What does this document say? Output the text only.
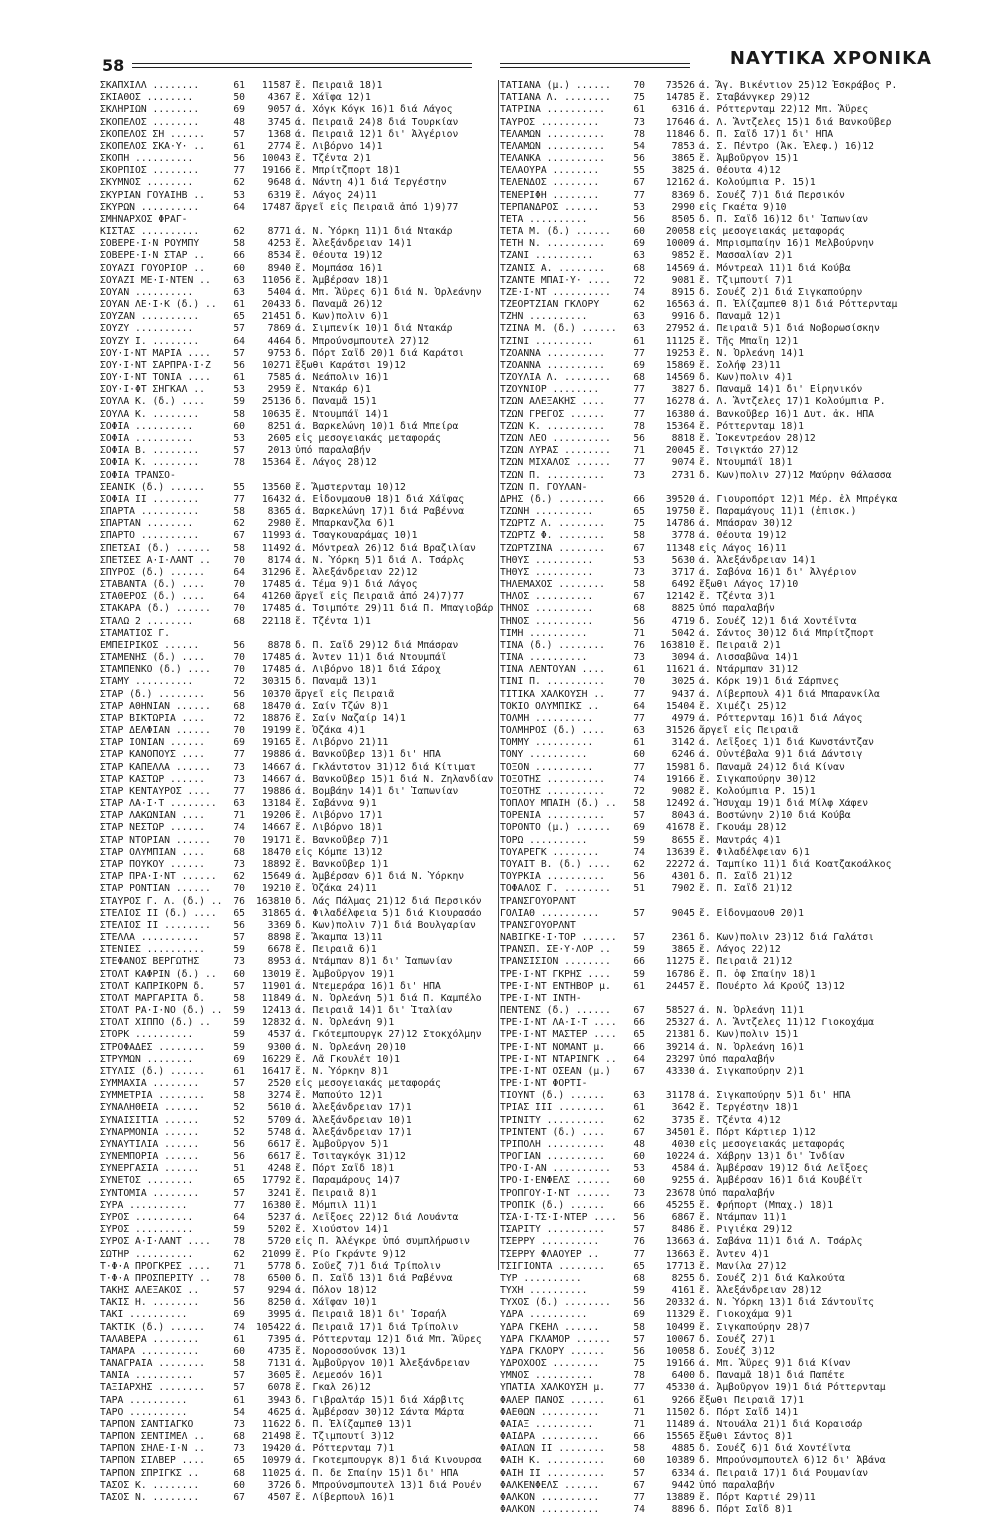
58	ΝΑΥΤΙΚΑ ΧΡΟΝΙΚΑ
ΣΚΑΠΧΙΛΛ ........	61	11587 ἔ. Πειραιᾶ 18)1
ΣΚΙΑΘΟΣ ........	50	4367 ἔ. Χάϊφα 12)1
ΣΚΛΗΡΙΩΝ ........	69	9057 ά. Χόγκ Κόγκ 16)1 διά Λάγος
ΣΚΟΠΕΛΟΣ ........	48	3745 ά. Πειραιᾶ 24)8 διά Τουρκίαν
ΣΚΟΠΕΛΟΣ ΣΗ ......	57	1368 ά. Πειραιᾶ 12)1 δι' Ἀλγέριον
ΣΚΟΠΕΛΟΣ ΣΚΑ·Υ· ..	61	2774 ἔ. Λιβόρνο 14)1
ΣΚΟΠΗ ..........	56	10043 ἔ. Τζέντα 2)1
ΣΚΟΡΠΙΟΣ ........	77	19166 ἔ. Μπρίτζπορτ 18)1
ΣΚΥΜΝΟΣ ........	62	9648 ά. Νάντη 4)1 διά Τεργέστην
ΣΚΥΡΙΑΝ ΓΟΥΑΙΗΒ ..	53	6319 ἔ. Λάγος 24)11
ΣΚΥΡΩΝ ..........	64	17487 ἄργεῖ εἰς Πειραιᾶ ἀπό 1)9)77
ΣΜΗΝΑΡΧΟΣ ΦΡΑΓ-
ΚΙΣΤΑΣ ..........	62	8771 ά. Ν. Ὑόρκη 11)1 διά Ντακάρ
ΣΟΒΕΡΕ·Ι·Ν ΡΟΥΜΠΥ	58	4253 ἔ. Ἀλεξάνδρειαν 14)1
ΣΟΒΕΡΕ·Ι·Ν ΣΤΑΡ ..	66	8534 ἔ. Θέουτα 19)12
ΣΟΥΑΖΙ ΓΟΥΟΡΙΟΡ ..	60	8940 ἔ. Μομπάσα 16)1
ΣΟΥΑΖΙ ΜΕ·Ι·ΝΤΕΝ ..	63	11056 ἔ. Ἀμβέρσαν 18)1
ΣΟΥΑΝ ..........	63	5404 ά. Μπ. Ἄϋρες 6)1 διά Ν. Ὀρλεάνην
ΣΟΥΑΝ ΛΕ·Ι·Κ (δ.) ..	61	20433 δ. Παναμᾶ 26)12
ΣΟΥΖΑΝ ..........	65	21451 δ. Κων)πολιν 6)1
ΣΟΥΖΥ ..........	57	7869 ά. Σιμπενίκ 10)1 διά Ντακάρ
ΣΟΥΖΥ Ι. ........	64	4464 δ. Μπρούνσμπουτελ 27)12
ΣΟΥ·Ι·ΝΤ ΜΑΡΙΑ ....	57	9753 δ. Πόρτ Σαΐδ 20)1 διά Καράτσι
ΣΟΥ·Ι·ΝΤ ΣΑΡΠΡΑ·Ι·Ζ	56	10271 ἔξωθι Καράτσι 19)12
ΣΟΥ·Ι·ΝΤ ΤΟΝΙΑ ....	61	7585 ά. Νεάπολιν 16)1
ΣΟΥ·Ι·ΦΤ ΣΗΓΚΑΛ ..	53	2959 ἔ. Ντακάρ 6)1
ΣΟΥΛΑ Κ. (δ.) ....	59	25136 δ. Παναμᾶ 15)1
ΣΟΥΛΑ Κ. ........	58	10635 ἔ. Ντουμπάϊ 14)1
ΣΟΦΙΑ ..........	60	8251 ά. Βαρκελώνη 10)1 διά Μπείρα
ΣΟΦΙΑ ..........	53	2605 εἰς μεσογειακάς μεταφοράς
ΣΟΦΙΑ Β. ........	57	2013 ὑπό παραλαβήν
ΣΟΦΙΑ Κ. ........	78	15364 ἔ. Λάγος 28)12
ΣΟΦΙΑ ΤΡΑΝΣΟ-
ΣΕΑΝΙΚ (δ.) ......	55	13560 ἔ. Ἄμστερνταμ 10)12
ΣΟΦΙΑ ΙΙ ........	77	16432 ά. Εἶδονμαουθ 18)1 διά Χάϊφας
ΣΠΑΡΤΑ ..........	58	8365 ά. Βαρκελώνη 17)1 διά Ραβέννα
ΣΠΑΡΤΑΝ ........	62	2980 ἔ. Μπαρκανζλα 6)1
ΣΠΑΡΤΟ ..........	67	11993 ά. Τσαγκουαράμας 10)1
ΣΠΕΤΣΑΙ (δ.) ......	58	11492 ά. Μόντρεαλ 26)12 διά Βραζιλίαν
ΣΠΕΤΣΕΣ Α·Ι·ΛΑΝΤ ..	70	8174 ά. Ν. Ὑόρκη 5)1 διά Λ. Τσάρλς
ΣΠΥΡΟΣ (δ.) ......	64	31296 ἔ. Ἀλεξάνδρειαν 22)12
ΣΤΑΒΑΝΤΑ (δ.) ....	70	17485 ά. Τέμα 9)1 διά Λάγος
ΣΤΑΘΕΡΟΣ (δ.) ....	64	41260 ἄργεῖ εἰς Πειραιᾶ ἀπό 24)7)77
ΣΤΑΚΑΡΑ (δ.) ......	70	17485 ά. Τσιμπότε 29)11 διά Π. Μπαγιοβάρ
ΣΤΑΛΩ 2 ........	68	22118 ἔ. Τζέντα 1)1
ΣΤΑΜΑΤΙΟΣ Γ.
ΕΜΠΕΙΡΙΚΟΣ ......	56	8878 δ. Π. Σαΐδ 29)12 διά Μπάσραν
ΣΤΑΜΕΝΗΣ (δ.) ....	70	17485 ά. Ἀντεν 11)1 διά Ντουμπάϊ
ΣΤΑΜΠΕΝΚΟ (δ.) ....	70	17485 ά. Λιβόρνο 18)1 διά Σάροχ
ΣΤΑΜΥ ..........	72	30315 δ. Παναμᾶ 13)1
ΣΤΑΡ (δ.) ........	56	10370 ἄργεῖ εἰς Πειραιᾶ
ΣΤΑΡ ΑΘΗΝΙΑΝ ......	68	18470 ά. Σαίν Τζών 8)1
ΣΤΑΡ ΒΙΚΤΩΡΙΑ ....	72	18876 ἔ. Σαίν Ναζαίρ 14)1
ΣΤΑΡ ΔΕΛΦΙΑΝ ......	70	19199 ἔ. Ὀζάκα 4)1
ΣΤΑΡ ΙΟΝΙΑΝ ......	69	19165 ἔ. Λιβόρνο 21)11
ΣΤΑΡ ΚΑΝΟΠΟΥΣ ....	77	19886 ά. Βανκοῦβερ 13)1 δι' ΗΠΑ
ΣΤΑΡ ΚΑΠΕΛΛΑ ......	73	14667 ά. Γκλάντστον 31)12 διά Κίτιματ
ΣΤΑΡ ΚΑΣΤΩΡ ......	73	14667 ά. Βανκοῦβερ 15)1 διά Ν. Ζηλανδίαν
ΣΤΑΡ ΚΕΝΤΑΥΡΟΣ ....	77	19886 ά. Βομβάην 14)1 δι' Ἰαπωνίαν
ΣΤΑΡ ΛΑ·Ι·Τ ........	63	13184 ἔ. Σαβάννα 9)1
ΣΤΑΡ ΛΑΚΩΝΙΑΝ ....	71	19206 ἔ. Λιβόρνο 17)1
ΣΤΑΡ ΝΕΣΤΩΡ ......	74	14667 ἔ. Λιβόρνο 18)1
ΣΤΑΡ ΝΤΟΡΙΑΝ ......	70	19171 ἔ. Βανκοῦβερ 7)1
ΣΤΑΡ ΟΛΥΜΠΙΑΝ ....	68	18470 εἰς Κόμπε 13)12
ΣΤΑΡ ΠΟΥΚΟΥ ......	73	18892 ἔ. Βανκοῦβερ 1)1
ΣΤΑΡ ΠΡΑ·Ι·ΝΤ ......	62	15649 ά. Ἀμβέρσαν 6)1 διά Ν. Ὑόρκην
ΣΤΑΡ ΡΟΝΤΙΑΝ ......	70	19210 ἔ. Ὀζάκα 24)11
ΣΤΑΥΡΟΣ Γ. Λ. (δ.) ..	76	163810 δ. Λάς Πάλμας 21)12 διά Περσικόν
ΣΤΕΛΙΟΣ ΙΙ (δ.) ....	65	31865 ά. Φιλαδέλφεια 5)1 διά Κιουρασάο
ΣΤΕΛΙΟΣ ΙΙ ........	56	3369 δ. Κων)πολιν 7)1 διά Βουλγαρίαν
ΣΤΕΛΛΑ ..........	57	8898 ἔ. Ἄκαμπα 13)11
ΣΤΕΝΙΕΣ ..........	59	6678 ἔ. Πειραιᾶ 6)1
ΣΤΕΦΑΝΟΣ ΒΕΡΓΩΤΗΣ	73	8953 ά. Ντάμπαν 8)1 δι' Ἰαπωνίαν
ΣΤΟΛΤ ΚΑΦΡΙΝ (δ.) ..	60	13019 ἔ. Ἀμβοῦργον 19)1
ΣΤΟΛΤ ΚΑΠΡΙΚΟΡΝ δ.	57	11901 ά. Ντεμεράρα 16)1 δι' ΗΠΑ
ΣΤΟΛΤ ΜΑΡΓΑΡΙΤΑ δ.	58	11849 ά. Ν. Ὀρλεάνη 5)1 διά Π. Καμπέλο
ΣΤΟΛΤ ΡΑ·Ι·ΝΟ (δ.) ..	59	12413 ά. Πειραιᾶ 14)1 δι' Ἰταλίαν
ΣΤΟΛΤ ΧΙΠΠΟ (δ.) ..	59	12832 ά. Ν. Ὀρλεάνη 9)1
ΣΤΟΡΚ ..........	59	4537 ά. Γκότεμπουργκ 27)12 Στοκχόλμην
ΣΤΡΟΦΑΔΕΣ ........	59	9300 ά. Ν. Ὀρλεάνη 20)10
ΣΤΡΥΜΩΝ ........	69	16229 ἔ. Λᾶ Γκουλέτ 10)1
ΣΤΥΛΙΣ (δ.) ......	61	16417 ἔ. Ν. Ὑόρκην 8)1
ΣΥΜΜΑΧΙΑ ........	57	2520 εἰς μεσογειακάς μεταφοράς
ΣΥΜΜΕΤΡΙΑ ........	58	3274 ἔ. Μαπούτο 12)1
ΣΥΝΑΛΗΘΕΙΑ ......	52	5610 ά. Ἀλεξάνδρειαν 17)1
ΣΥΝΑΙΣΙΤΙΑ ......	52	5709 ά. Ἀλεξάνδρειαν 10)1
ΣΥΝΑΡΜΟΝΙΑ ......	52	5748 ά. Ἀλεξάνδρειαν 17)1
ΣΥΝΑΥΤΙΛΙΑ ......	56	6617 ἔ. Ἀμβοῦργον 5)1
ΣΥΝΕΜΠΟΡΙΑ ......	56	6617 ἔ. Τσιταγκόγκ 31)12
ΣΥΝΕΡΓΑΣΙΑ ......	51	4248 ἔ. Πόρτ Σαΐδ 18)1
ΣΥΝΕΤΟΣ ........	65	17792 ἔ. Παραμάρους 14)7
ΣΥΝΤΟΜΙΑ ........	57	3241 ἔ. Πειραιᾶ 8)1
ΣΥΡΑ ..........	77	16380 ἔ. Μόμπιλ 11)1
ΣΥΡΟΣ ..........	64	5237 ά. Λεΐξοες 22)12 διά Λουάντα
ΣΥΡΟΣ ..........	59	5202 ἔ. Χιούστον 14)1
ΣΥΡΟΣ Α·Ι·ΛΑΝΤ ....	78	5720 εἰς Π. Ἀλέγκρε ὑπό συμπλήρωσιν
ΣΩΤΗΡ ..........	62	21099 ἔ. Ρίο Γκράντε 9)12
Τ·Φ·Α ΠΡΟΓΚΡΕΣ ....	71	5778 δ. Σοῦεζ 7)1 διά Τρίπολιν
Τ·Φ·Α ΠΡΟΣΠΕΡΙΤΥ ..	78	6500 δ. Π. Σαΐδ 13)1 διά Ραβέννα
ΤΑΚΗΣ ΑΛΕΞΑΚΟΣ ..	57	9294 ά. Πόλον 18)12
ΤΑΚΙΣ Η. ........	56	8250 ά. Χάϊφαν 10)1
ΤΑΚΙ ..........	69	3995 ά. Πειραιᾶ 18)1 δι' Ἰσραήλ
ΤΑΚΤΙΚ (δ.) ......	74	105422 ά. Πειραιᾶ 17)1 διά Τρίπολιν
ΤΑΛΑΒΕΡΑ ........	61	7395 ά. Ρόττερνταμ 12)1 διά Μπ. Ἄϋρες
ΤΑΜΑΡΑ ..........	60	4735 ἔ. Νοροσσούνσκ 13)1
ΤΑΝΑΓΡΑΙΑ ........	58	7131 ά. Ἀμβοῦργον 10)1 Ἀλεξάνδρειαν
ΤΑΝΙΑ ..........	57	3605 ἔ. Λεμεσόν 16)1
ΤΑΞΙΑΡΧΗΣ ........	57	6078 ἔ. Γκαλ 26)12
ΤΑΡΑ ..........	61	3943 δ. Γιβραλτάρ 15)1 διά Χάρβιτς
ΤΑΡΟ ..........	54	4625 ά. Ἀμβέρσαν 30)12 Σάντα Μάρτα
ΤΑΡΠΟΝ ΣΑΝΤΙΑΓΚΟ	73	11622 δ. Π. Ἐλίζαμπεθ 13)1
ΤΑΡΠΟΝ ΣΕΝΤΙΜΕΛ ..	68	21498 ἔ. Τζιμπουτί 3)12
ΤΑΡΠΟΝ ΣΗΛΕ·Ι·Ν ..	73	19420 ά. Ρόττερνταμ 7)1
ΤΑΡΠΟΝ ΣΙΛΒΕΡ ....	65	10979 ά. Γκοτεμπουργκ 8)1 διά Κινουρσα
ΤΑΡΠΟΝ ΣΠΡΙΓΚΣ ..	68	11025 ά. Π. δε Σπαίην 15)1 δι' ΗΠΑ
ΤΑΣΟΣ Κ. ........	60	3726 δ. Μπρούνσμπουτελ 13)1 διά Ρουέν
ΤΑΣΟΣ Ν. ........	67	4507 ἔ. Λίβερπουλ 16)1
ΤΑΤΙΑΝΑ (μ.) ......	70	73526 ά. Ἄγ. Βικέντιον 25)12 Ἐσκράβος Ρ.
ΤΑΤΙΑΝΑ Λ. ........	75	14785 ἔ. Σταβάνγκερ 29)12
ΤΑΤΡΙΝΑ ..........	61	6316 ά. Ρόττερνταμ 22)12 Μπ. Ἄϋρες
ΤΑΥΡΟΣ ..........	73	17646 ά. Λ. Ἄντζελες 15)1 διά Βανκοῦβερ
ΤΕΛΑΜΩΝ ..........	78	11846 δ. Π. Σαΐδ 17)1 δι' ΗΠΑ
ΤΕΛΑΜΩΝ ..........	54	7853 ά. Σ. Πέντρο (Ἀκ. Ἐλεφ.) 16)12
ΤΕΛΑΝΚΑ ..........	56	3865 ἔ. Ἀμβοῦργον 15)1
ΤΕΛΑΟΥΡΑ ........	55	3825 ά. Θέουτα 4)12
ΤΕΛΕΝΔΟΣ ........	67	12162 ά. Κολούμπια Ρ. 15)1
ΤΕΝΕΡΙΦΗ ........	77	8369 δ. Σουέζ 7)1 διά Περσικόν
ΤΕΡΠΑΝΔΡΟΣ ......	53	2990 εἰς Γκαέτα 9)10
ΤΕΤΑ ..........	56	8505 δ. Π. Σαΐδ 16)12 δι' Ἰαπωνίαν
ΤΕΤΑ Μ. (δ.) ......	60	20058 εἰς μεσογειακάς μεταφοράς
ΤΕΤΗ Ν. ..........	69	10009 ά. Μπρισμπαίην 16)1 Μελβούρνην
ΤΖΑΝΙ ..........	63	9852 ἔ. Μασσαλίαν 2)1
ΤΖΑΝΙΣ Α. ........	68	14569 ά. Μόντρεαλ 11)1 διά Κούβα
ΤΖΑΝΤΕ ΜΠΑΙ·Υ· ....	72	9081 ἔ. Τζιμπουτί 7)1
ΤΖΕ·Ι·ΝΤ ..........	74	8915 δ. Σουέζ 2)1 διά Σιγκαπούρην
ΤΖΕΟΡΤΖΙΑΝ ΓΚΛΟΡΥ	62	16563 ά. Π. Ἐλίζαμπεθ 8)1 διά Ρόττερνταμ
ΤΖΗΝ ..........	63	9916 δ. Παναμᾶ 12)1
ΤΖΙΝΑ Μ. (δ.) ......	63	27952 ά. Πειραιᾶ 5)1 διά Νοβορωσίσκην
ΤΖΙΝΙ ..........	61	11125 ἔ. Τῆς Μπαΐη 12)1
ΤΖΟΑΝΝΑ ..........	77	19253 ἔ. Ν. Ὀρλεάνη 14)1
ΤΖΟΑΝΝΑ ..........	69	15869 ἔ. Σολήφ 23)11
ΤΖΟΥΛΙΑ Λ. ........	68	14569 δ. Κων)πολιν 4)1
ΤΖΟΥΝΙΟΡ ........	77	3827 δ. Παναμᾶ 14)1 δι' Εἰρηνικόν
ΤΖΩΝ ΑΛΕΞΑΚΗΣ ....	77	16278 ά. Λ. Ἄντζελες 17)1 Κολούμπια Ρ.
ΤΖΩΝ ΓΡΕΓΟΣ ......	77	16380 ά. Βανκοῦβερ 16)1 Δυτ. ἀκ. ΗΠΑ
ΤΖΩΝ Κ. ..........	78	15364 ἔ. Ρόττερνταμ 18)1
ΤΖΩΝ ΛΕΟ ..........	56	8818 ἔ. Ἰοκεντρεάον 28)12
ΤΖΩΝ ΛΥΡΑΣ ........	71	20045 ἔ. Τσιγκτάο 27)12
ΤΖΩΝ ΜΙΧΑΛΟΣ ......	77	9074 ἔ. Ντουμπάϊ 18)1
ΤΖΩΝ Π. ..........	73	2731 δ. Κων)πολιν 27)12 Μαύρην θάλασσα
ΤΖΩΝ Π. ΓΟΥΛΑΝ-
ΔΡΗΣ (δ.) ........	66	39520 ά. Γιουροπόρτ 12)1 Μέρ. ἐλ Μπρέγκα
ΤΖΩΝΗ ..........	65	19750 ἔ. Παραμάγους 11)1 (ἐπισκ.)
ΤΖΩΡΤΖ Λ. ........	75	14786 ά. Μπάσραν 30)12
ΤΖΩΡΤΖ Φ. ........	58	3778 ά. Θέουτα 19)12
ΤΖΩΡΤΖΙΝΑ ........	67	11348 εἰς Λάγος 16)11
ΤΗΘΥΣ ..........	53	5630 ά. Ἀλεξάνδρειαν 14)1
ΤΗΘΥΣ ..........	73	3717 ά. Σαβόνα 16)1 δι' Ἀλγέριον
ΤΗΛΕΜΑΧΟΣ ........	58	6492 ἔξωθι Λάγος 17)10
ΤΗΛΟΣ ..........	67	12142 ἔ. Τζέντα 3)1
ΤΗΝΟΣ ..........	68	8825 ὑπό παραλαβήν
ΤΗΝΟΣ ..........	56	4719 δ. Σουέζ 12)1 διά Χοντέϊντα
ΤΙΜΗ ..........	71	5042 ά. Σάντος 30)12 διά Μπρίτζπορτ
ΤΙΝΑ (δ.) ........	76	163810 ἔ. Πειραιᾶ 2)1
ΤΙΝΑ ..........	73	3094 ά. Λισσαβῶνα 14)1
ΤΙΝΑ ΛΕΝΤΟΥΑΝ ....	61	11621 ά. Ντάρμπαν 31)12
ΤΙΝΙ Π. ..........	70	3025 ά. Κόρκ 19)1 διά Σάρπνες
ΤΙΤΙΚΑ ΧΑΛΚΟΥΣΗ ..	77	9437 ά. Λίβερπουλ 4)1 διά Μπαρανκίλα
ΤΟΚΙΟ ΟΛΥΜΠΙΚΣ ..	64	15404 ἔ. Χιμέζι 25)12
ΤΟΛΜΗ ..........	77	4979 ά. Ρόττερνταμ 16)1 διά Λάγος
ΤΟΛΜΗΡΟΣ (δ.) ....	63	31526 ἄργεῖ εἰς Πειραιᾶ
ΤΟΜΜΥ ..........	61	3142 ά. Λεΐξοες 1)1 διά Κωνστάντζαν
ΤΟΝΥ ..........	60	6246 ά. Οὐντέβαλα 9)1 διά Δάντσιγ
ΤΟΞΟΝ ..........	77	15981 δ. Παναμᾶ 24)12 διά Κίναν
ΤΟΞΟΤΗΣ ..........	74	19166 ἔ. Σιγκαπούρην 30)12
ΤΟΞΟΤΗΣ ..........	72	9082 ἔ. Κολούμπια Ρ. 15)1
ΤΟΠΛΟΥ ΜΠΑΙΗ (δ.) ..	58	12492 ά. Ἤσυχαμ 19)1 διά Μίλφ Χάφεν
ΤΟΡΕΝΙΑ ..........	57	8043 ά. Βοστώνην 2)10 διά Κούβα
ΤΟΡΟΝΤΟ (μ.) ......	69	41678 ἔ. Γκουάμ 28)12
ΤΟΡΩ ..........	59	8655 ἔ. Μαντράς 4)1
ΤΟΥΑΡΕΓΚ ........	74	13639 ἔ. Φιλαδέλφειαν 6)1
ΤΟΥΑΙΤ Β. (δ.) ....	62	22272 ά. Ταμπίκο 11)1 διά Κοατζακοάλκος
ΤΟΥΡΚΙΑ ..........	56	4301 δ. Π. Σαΐδ 21)12
ΤΟΦΑΛΟΣ Γ. ........	51	7902 ἔ. Π. Σαΐδ 21)12
ΤΡΑΝΣΓΟΥΟΡΛΝΤ
ΓΟΛΙΑΘ ..........	57	9045 ἔ. Εἶδονμαουθ 20)1
ΤΡΑΝΣΓΟΥΟΡΛΝΤ
ΝΑΒΙΓΚΕ·Ι·ΤΟΡ ......	57	2361 δ. Κων)πολιν 23)12 διά Γαλάτσι
ΤΡΑΝΣΠ. ΣΕ·Υ·ΛΟΡ ..	59	3865 ἔ. Λάγος 22)12
ΤΡΑΝΣΙΣΙΟΝ ........	66	11275 ἔ. Πειραιᾶ 21)12
ΤΡΕ·Ι·ΝΤ ΓΚΡΗΣ ....	59	16786 ἔ. Π. ὀφ Σπαίην 18)1
ΤΡΕ·Ι·ΝΤ ΕΝΤΗΒΟΡ μ.	61	24457 ἔ. Πουέρτο λά Κρούζ 13)12
ΤΡΕ·Ι·ΝΤ ΙΝΤΗ-
ΠΕΝΤΕΝΣ (δ.) ......	67	58527 ά. Ν. Ὀρλεάνη 11)1
ΤΡΕ·Ι·ΝΤ ΛΑ·Ι·Τ ....	66	25327 ά. Λ. Ἄντζελες 11)12 Γιοκοχάμα
ΤΡΕ·Ι·ΝΤ ΜΑΣΤΕΡ ....	65	21381 δ. Κων)πολιν 15)1
ΤΡΕ·Ι·ΝΤ ΝΟΜΑΝΤ μ.	66	39214 ά. Ν. Ὀρλεάνη 16)1
ΤΡΕ·Ι·ΝΤ ΝΤΑΡΙΝΓΚ ..	64	23297 ὑπό παραλαβήν
ΤΡΕ·Ι·ΝΤ ΟΣΕΑΝ (μ.)	67	43330 ά. Σιγκαπούρην 2)1
ΤΡΕ·Ι·ΝΤ ΦΟΡΤΙ-
ΤΙΟΥΝΤ (δ.) ......	63	31178 ά. Σιγκαπούρην 5)1 δι' ΗΠΑ
ΤΡΙΑΣ ΙΙΙ ........	61	3642 ἔ. Τεργέστην 18)1
ΤΡΙΝΙΤΥ ..........	62	3735 ἔ. Τζέντα 4)12
ΤΡΙΝΤΕΝΤ (δ.) ....	67	34501 ἔ. Πόρτ Κάρτιερ 1)12
ΤΡΙΠΟΛΗ ..........	48	4030 εἰς μεσογειακάς μεταφοράς
ΤΡΟΓΙΑΝ ..........	60	10224 ά. Χάβρην 13)1 δι' Ἰνδίαν
ΤΡΟ·Ι·ΑΝ ..........	53	4584 ά. Ἀμβέρσαν 19)12 διά Λεΐξοες
ΤΡΟ·Ι·ΕΝΦΕΛΣ ......	60	9255 ά. Ἀμβέρσαν 16)1 διά Κουβέϊτ
ΤΡΟΠΓΟΥ·Ι·ΝΤ ......	73	23678 ὑπό παραλαβήν
ΤΡΟΠΙΚ (δ.) ......	66	45255 ἔ. Φρήπορτ (Μπαχ.) 18)1
ΤΣΑ·Ι·ΤΣ·Ι·ΝΤΕΡ ....	56	6867 ἔ. Ντάμπαν 11)1
ΤΣΑΡΙΤΥ ..........	57	8486 ἔ. Ριγιέκα 29)12
ΤΣΕΡΡΥ ..........	76	13663 ά. Σαβάνα 11)1 διά Λ. Τσάρλς
ΤΣΕΡΡΥ ΦΛΑΟΥΕΡ ..	77	13663 ἔ. Ἀντεν 4)1
ΤΣΙΓΙΟΝΤΑ ........	65	17713 ἔ. Μανίλα 27)12
ΤΥΡ ..........	68	8255 δ. Σουέζ 2)1 διά Καλκούτα
ΤΥΧΗ ..........	59	4161 ἔ. Ἀλεξάνδρειαν 28)12
ΤΥΧΟΣ (δ.) ........	56	20332 ά. Ν. Ὑόρκη 13)1 διά Σάντουϊτς
ΥΔΡΑ ..........	69	11329 ἔ. Γιοκοχάμα 9)1
ΥΔΡΑ ΓΚΕΗΛ ......	58	10499 ἔ. Σιγκαπούρην 28)7
ΥΔΡΑ ΓΚΛΑΜΟΡ ......	57	10067 δ. Σουέζ 27)1
ΥΔΡΑ ΓΚΛΟΡΥ ......	56	10058 δ. Σουέζ 3)12
ΥΔΡΟΧΟΟΣ ........	75	19166 ά. Μπ. Ἄϋρες 9)1 διά Κίναν
ΥΜΝΟΣ ..........	78	6400 δ. Παναμᾶ 18)1 διά Παπέτε
ΥΠΑΤΙΑ ΧΑΛΚΟΥΣΗ μ.	77	45330 ά. Ἀμβοῦργον 19)1 διά Ρόττερνταμ
ΦΑΛΕΡ ΠΑΝΟΣ ......	61	9266 ἔξωθι Πειραιᾶ 17)1
ΦΑΕΘΩΝ ..........	71	11502 δ. Πόρτ Σαΐδ 14)1
ΦΑΙΑΞ ..........	71	11489 ά. Ντουάλα 21)1 διά Κοραισάρ
ΦΑΙΔΡΑ ..........	66	15565 ἔξωθι Σάντος 8)1
ΦΑΙΛΩΝ ΙΙ ........	58	4885 δ. Σουέζ 6)1 διά Χοντέϊντα
ΦΑΙΗ Κ. ..........	60	10389 δ. Μπρούνσμπουτελ 6)12 δι' Ἀβάνα
ΦΑΙΗ ΙΙ ..........	57	6334 ά. Πειραιᾶ 17)1 διά Ρουμανίαν
ΦΑΛΚΕΝΦΕΛΣ ......	67	9442 ὑπό παραλαβήν
ΦΑΛΚΟΝ ..........	77	13889 ἔ. Πόρτ Καρτιέ 29)11
ΦΑΛΚΟΝ ..........	74	8896 δ. Πόρτ Σαΐδ 8)1
